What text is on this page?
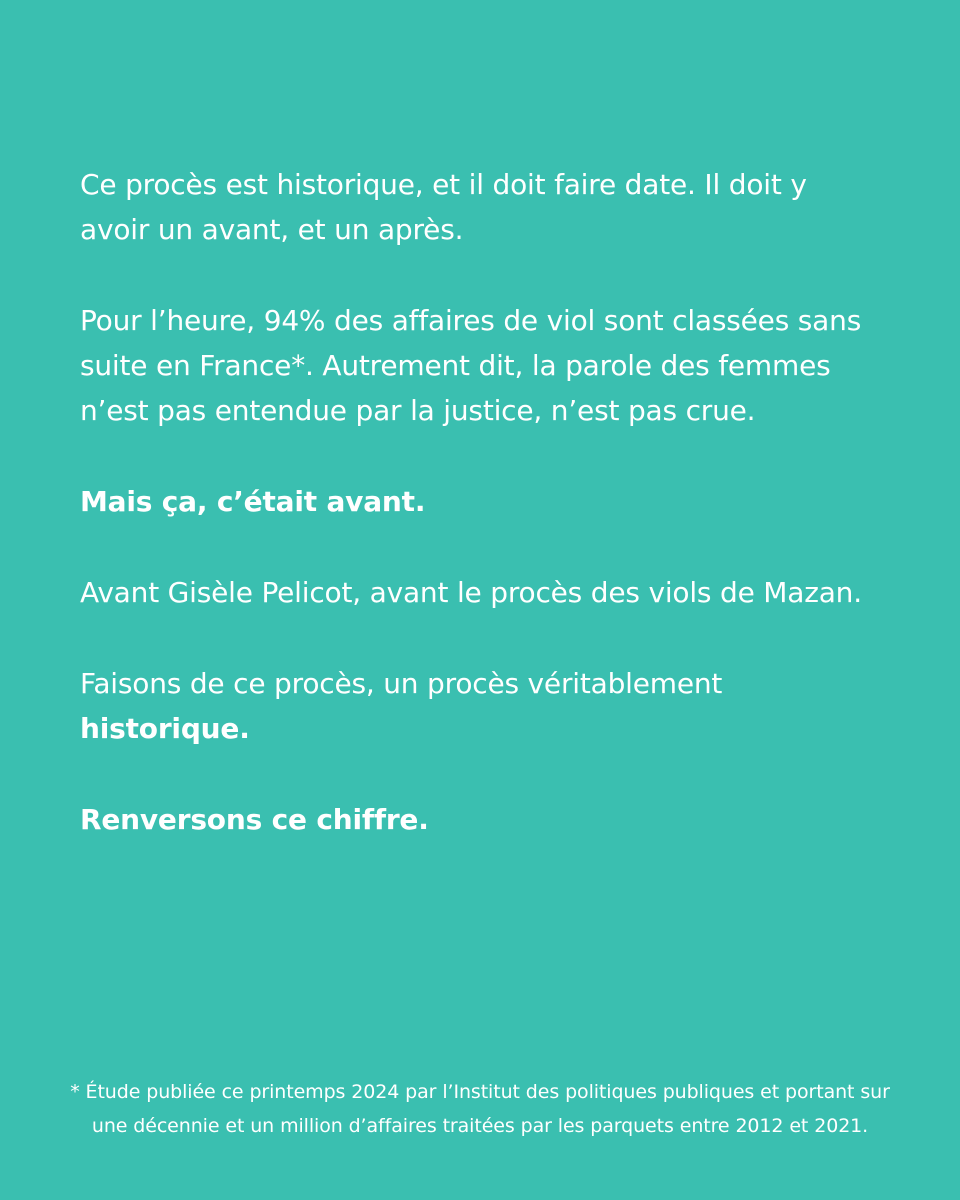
Ce procès est historique, et il doit faire date. Il doit y avoir un avant, et un après.

Pour l’heure, 94% des affaires de viol sont classées sans suite en France*. Autrement dit, la parole des femmes n’est pas entendue par la justice, n’est pas crue.

Mais ça, c’était avant.

Avant Gisèle Pelicot, avant le procès des viols de Mazan.

Faisons de ce procès, un procès véritablement historique.

Renversons ce chiffre.

* Étude publiée ce printemps 2024 par l’Institut des politiques publiques et portant sur une décennie et un million d’affaires traitées par les parquets entre 2012 et 2021.
